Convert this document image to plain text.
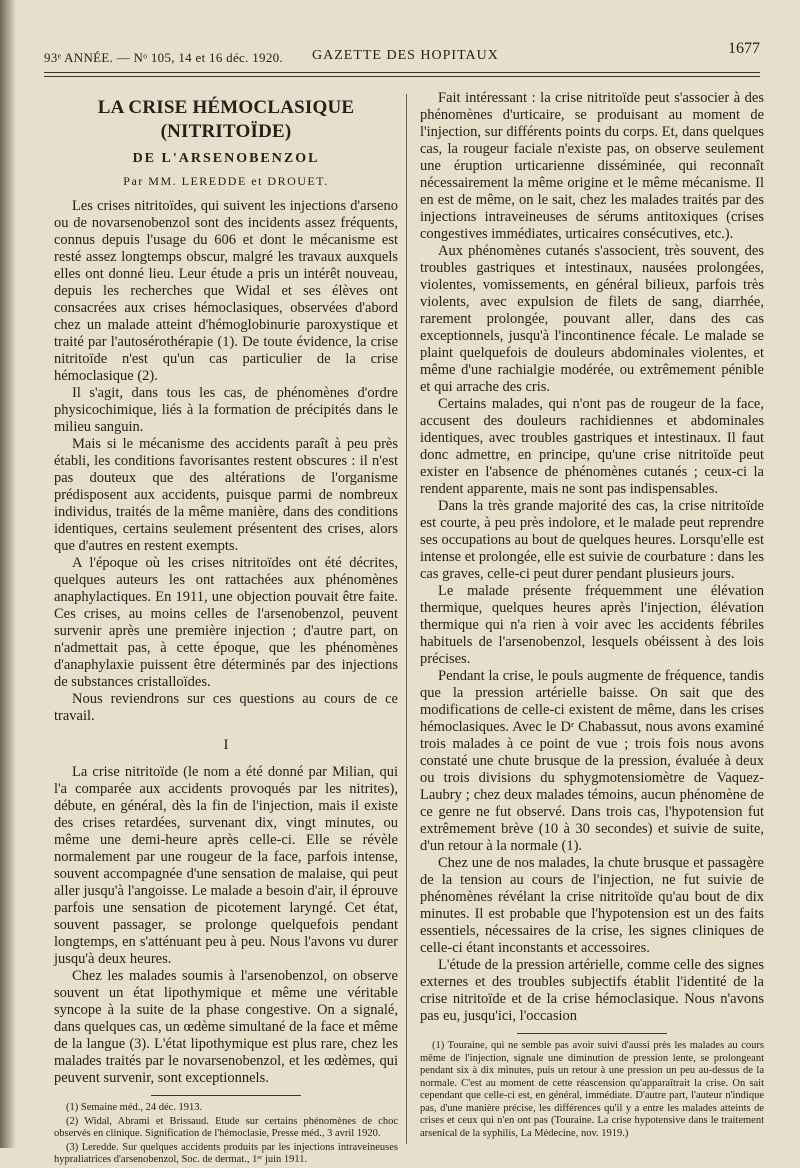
93ᵉ ANNÉE. — Nᵒ 105, 14 et 16 déc. 1920. GAZETTE DES HOPITAUX	1677
LA CRISE HÉMOCLASIQUE (NITRITOÏDE)
DE L'ARSENOBENZOL
Par MM. LEREDDE et DROUET.

Les crises nitritoïdes, qui suivent les injections d'arseno ou de novarsenobenzol sont des incidents assez fréquents, connus depuis l'usage du 606 et dont le mécanisme est resté assez longtemps obscur, malgré les travaux auxquels elles ont donné lieu. Leur étude a pris un intérêt nouveau, depuis les recherches que Widal et ses élèves ont consacrées aux crises hémoclasiques, observées d'abord chez un malade atteint d'hémoglobinurie paroxystique et traité par l'autosérothérapie (1). De toute évidence, la crise nitritoïde n'est qu'un cas particulier de la crise hémoclasique (2).

Il s'agit, dans tous les cas, de phénomènes d'ordre physicochimique, liés à la formation de précipités dans le milieu sanguin.

Mais si le mécanisme des accidents paraît à peu près établi, les conditions favorisantes restent obscures : il n'est pas douteux que des altérations de l'organisme prédisposent aux accidents, puisque parmi de nombreux individus, traités de la même manière, dans des conditions identiques, certains seulement présentent des crises, alors que d'autres en restent exempts.

A l'époque où les crises nitritoïdes ont été décrites, quelques auteurs les ont rattachées aux phénomènes anaphylactiques. En 1911, une objection pouvait être faite. Ces crises, au moins celles de l'arsenobenzol, peuvent survenir après une première injection ; d'autre part, on n'admettait pas, à cette époque, que les phénomènes d'anaphylaxie puissent être déterminés par des injections de substances cristalloïdes.

Nous reviendrons sur ces questions au cours de ce travail.

I

La crise nitritoïde (le nom a été donné par Milian, qui l'a comparée aux accidents provoqués par les nitrites), débute, en général, dès la fin de l'injection, mais il existe des crises retardées, survenant dix, vingt minutes, ou même une demi-heure après celle-ci. Elle se révèle normalement par une rougeur de la face, parfois intense, souvent accompagnée d'une sensation de malaise, qui peut aller jusqu'à l'angoisse. Le malade a besoin d'air, il éprouve parfois une sensation de picotement laryngé. Cet état, souvent passager, se prolonge quelquefois pendant longtemps, en s'atténuant peu à peu. Nous l'avons vu durer jusqu'à deux heures.

Chez les malades soumis à l'arsenobenzol, on observe souvent un état lipothymique et même une véritable syncope à la suite de la phase congestive. On a signalé, dans quelques cas, un œdème simultané de la face et même de la langue (3). L'état lipothymique est plus rare, chez les malades traités par le novarsenobenzol, et les œdèmes, qui peuvent survenir, sont exceptionnels.

(1) Semaine méd., 24 déc. 1913.

(2) Widal, Abrami et Brissaud. Etude sur certains phénomènes de choc observés en clinique. Signification de l'hémoclasie, Presse méd., 3 avril 1920.

(3) Leredde. Sur quelques accidents produits par les injections intraveineuses hypraliatrices d'arsenobenzol, Soc. de dermat., 1ᵉʳ juin 1911.

Fait intéressant : la crise nitritoïde peut s'associer à des phénomènes d'urticaire, se produisant au moment de l'injection, sur différents points du corps. Et, dans quelques cas, la rougeur faciale n'existe pas, on observe seulement une éruption urticarienne disséminée, qui reconnaît nécessairement la même origine et le même mécanisme. Il en est de même, on le sait, chez les malades traités par des injections intraveineuses de sérums antitoxiques (crises congestives immédiates, urticaires consécutives, etc.).

Aux phénomènes cutanés s'associent, très souvent, des troubles gastriques et intestinaux, nausées prolongées, violentes, vomissements, en général bilieux, parfois très violents, avec expulsion de filets de sang, diarrhée, rarement prolongée, pouvant aller, dans des cas exceptionnels, jusqu'à l'incontinence fécale. Le malade se plaint quelquefois de douleurs abdominales violentes, et même d'une rachialgie modérée, ou extrêmement pénible et qui arrache des cris.

Certains malades, qui n'ont pas de rougeur de la face, accusent des douleurs rachidiennes et abdominales identiques, avec troubles gastriques et intestinaux. Il faut donc admettre, en principe, qu'une crise nitritoïde peut exister en l'absence de phénomènes cutanés ; ceux-ci la rendent apparente, mais ne sont pas indispensables.

Dans la très grande majorité des cas, la crise nitritoïde est courte, à peu près indolore, et le malade peut reprendre ses occupations au bout de quelques heures. Lorsqu'elle est intense et prolongée, elle est suivie de courbature : dans les cas graves, celle-ci peut durer pendant plusieurs jours.

Le malade présente fréquemment une élévation thermique, quelques heures après l'injection, élévation thermique qui n'a rien à voir avec les accidents fébriles habituels de l'arsenobenzol, lesquels obéissent à des lois précises.

Pendant la crise, le pouls augmente de fréquence, tandis que la pression artérielle baisse. On sait que des modifications de celle-ci existent de même, dans les crises hémoclasiques. Avec le Dʳ Chabassut, nous avons examiné trois malades à ce point de vue ; trois fois nous avons constaté une chute brusque de la pression, évaluée à deux ou trois divisions du sphygmotensiomètre de Vaquez-Laubry ; chez deux malades témoins, aucun phénomène de ce genre ne fut observé. Dans trois cas, l'hypotension fut extrêmement brève (10 à 30 secondes) et suivie de suite, d'un retour à la normale (1).

Chez une de nos malades, la chute brusque et passagère de la tension au cours de l'injection, ne fut suivie de phénomènes révélant la crise nitritoïde qu'au bout de dix minutes. Il est probable que l'hypotension est un des faits essentiels, nécessaires de la crise, les signes cliniques de celle-ci étant inconstants et accessoires.

L'étude de la pression artérielle, comme celle des signes externes et des troubles subjectifs établit l'identité de la crise nitritoïde et de la crise hémoclasique. Nous n'avons pas eu, jusqu'ici, l'occasion

(1) Touraine, qui ne semble pas avoir suivi d'aussi près les malades au cours même de l'injection, signale une diminution de pression lente, se prolongeant pendant six à dix minutes, puis un retour à une pression un peu au-dessus de la normale. C'est au moment de cette réascension qu'apparaîtrait la crise. On sait cependant que celle-ci est, en général, immédiate. D'autre part, l'auteur n'indique pas, d'une manière précise, les différences qu'il y a entre les malades atteints de crises et ceux qui n'en ont pas (Touraine. La crise hypotensive dans le traitement arsenical de la syphilis, La Médecine, nov. 1919.)
